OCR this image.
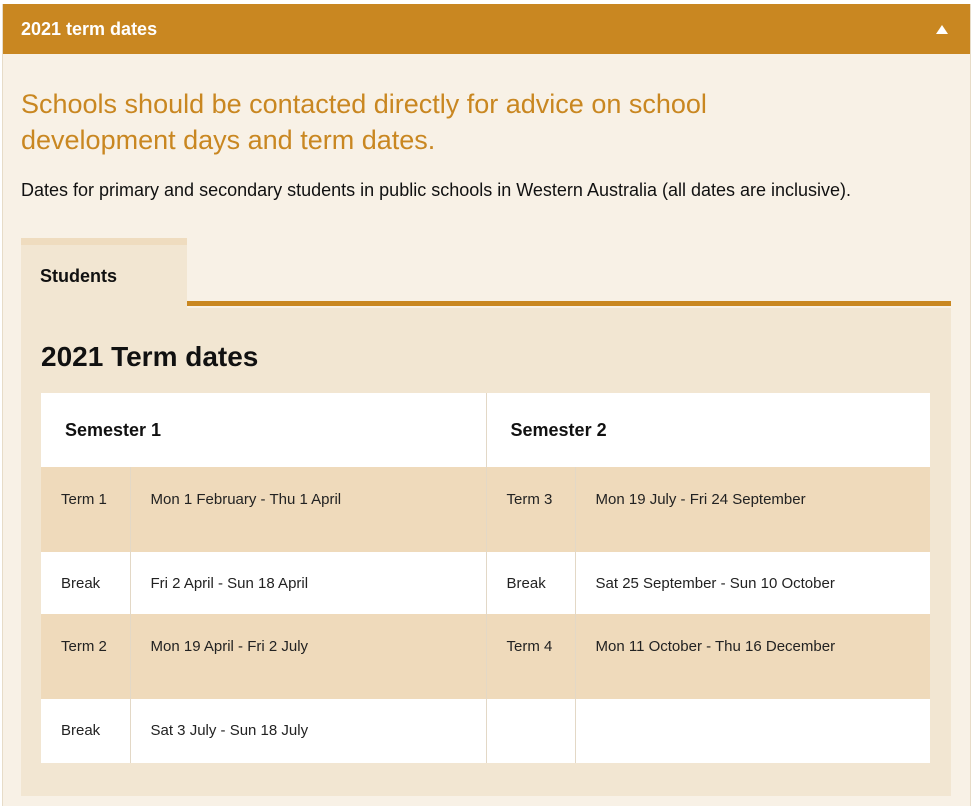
2021 term dates

Schools should be contacted directly for advice on school development days and term dates.

Dates for primary and secondary students in public schools in Western Australia (all dates are inclusive).

Students
2021 Term dates
Semester 1		Semester 2	
Term 1	Mon 1 February - Thu 1 April	Term 3	Mon 19 July - Fri 24 September
Break	Fri 2 April - Sun 18 April	Break	Sat 25 September - Sun 10 October
Term 2	Mon 19 April - Fri 2 July	Term 4	Mon 11 October - Thu 16 December
Break	Sat 3 July - Sun 18 July		
